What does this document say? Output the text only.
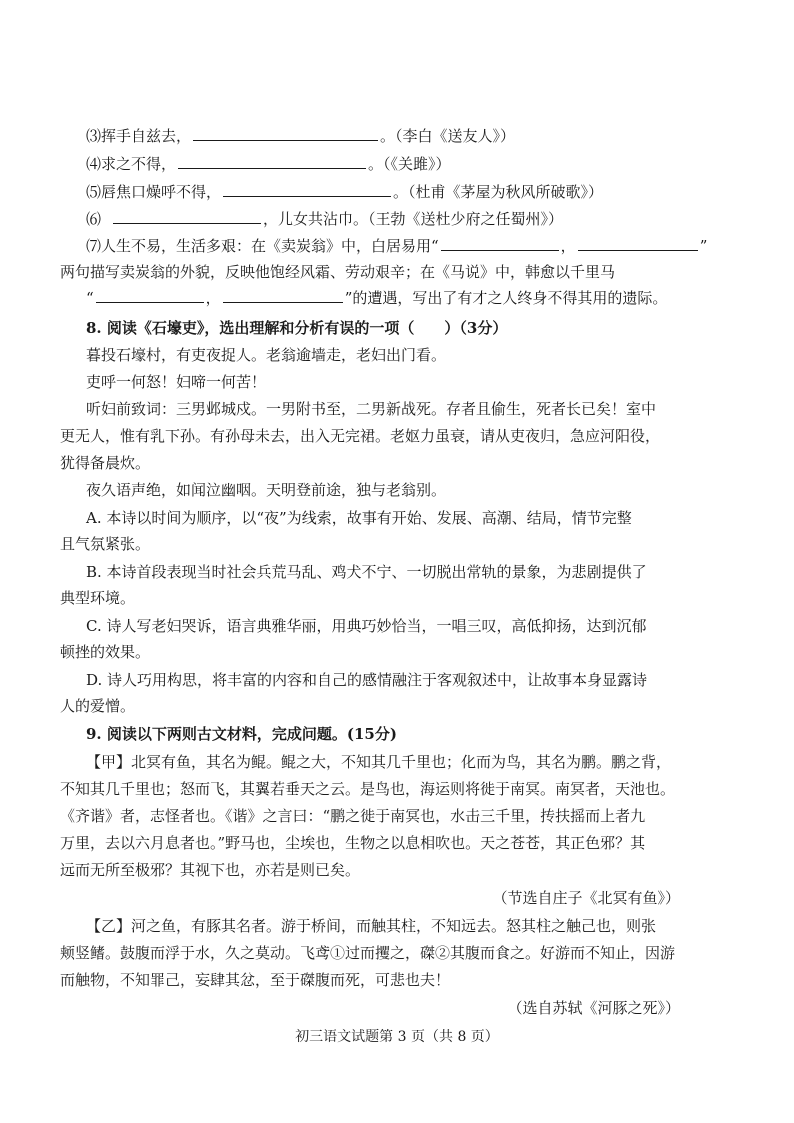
⑶挥手自兹去，	。（李白《送友人》）
⑷求之不得，	。（《关雎》）
⑸唇焦口燥呼不得，	。（杜甫《茅屋为秋风所破歌》）
⑹	，儿女共沾巾。（王勃《送杜少府之任蜀州》）
⑺人生不易，生活多艰：在《卖炭翁》中，白居易用“	，	”
两句描写卖炭翁的外貌，反映他饱经风霜、劳动艰辛；在《马说》中，韩愈以千里马
“	，	”的遭遇，写出了有才之人终身不得其用的遗际。
8. 阅读《石壕吏》，选出理解和分析有误的一项（　　）（3分）
暮投石壕村，有吏夜捉人。老翁逾墙走，老妇出门看。
吏呼一何怒！妇啼一何苦！
听妇前致词：三男邺城戍。一男附书至，二男新战死。存者且偷生，死者长已矣！室中
更无人，惟有乳下孙。有孙母未去，出入无完裙。老妪力虽衰，请从吏夜归，急应河阳役，
犹得备晨炊。
夜久语声绝，如闻泣幽咽。天明登前途，独与老翁别。
A. 本诗以时间为顺序，以“夜”为线索，故事有开始、发展、高潮、结局，情节完整
且气氛紧张。
B. 本诗首段表现当时社会兵荒马乱、鸡犬不宁、一切脱出常轨的景象，为悲剧提供了
典型环境。
C. 诗人写老妇哭诉，语言典雅华丽，用典巧妙恰当，一唱三叹，高低抑扬，达到沉郁
顿挫的效果。
D. 诗人巧用构思，将丰富的内容和自己的感情融注于客观叙述中，让故事本身显露诗
人的爱憎。
9. 阅读以下两则古文材料，完成问题。(15分)
【甲】北冥有鱼，其名为鲲。鲲之大，不知其几千里也；化而为鸟，其名为鹏。鹏之背，
不知其几千里也；怒而飞，其翼若垂天之云。是鸟也，海运则将徙于南冥。南冥者，天池也。
《齐谐》者，志怪者也。《谐》之言曰：“鹏之徙于南冥也，水击三千里，抟扶摇而上者九
万里，去以六月息者也。”野马也，尘埃也，生物之以息相吹也。天之苍苍，其正色邪？其
远而无所至极邪？其视下也，亦若是则已矣。
（节选自庄子《北冥有鱼》）
【乙】河之鱼，有豚其名者。游于桥间，而触其柱，不知远去。怒其柱之触己也，则张
颊竖鳍。鼓腹而浮于水，久之莫动。飞鸢①过而攫之，磔②其腹而食之。好游而不知止，因游
而触物，不知罪己，妄肆其忿，至于磔腹而死，可悲也夫！
（选自苏轼《河豚之死》）
初三语文试题第 3 页（共 8 页）
